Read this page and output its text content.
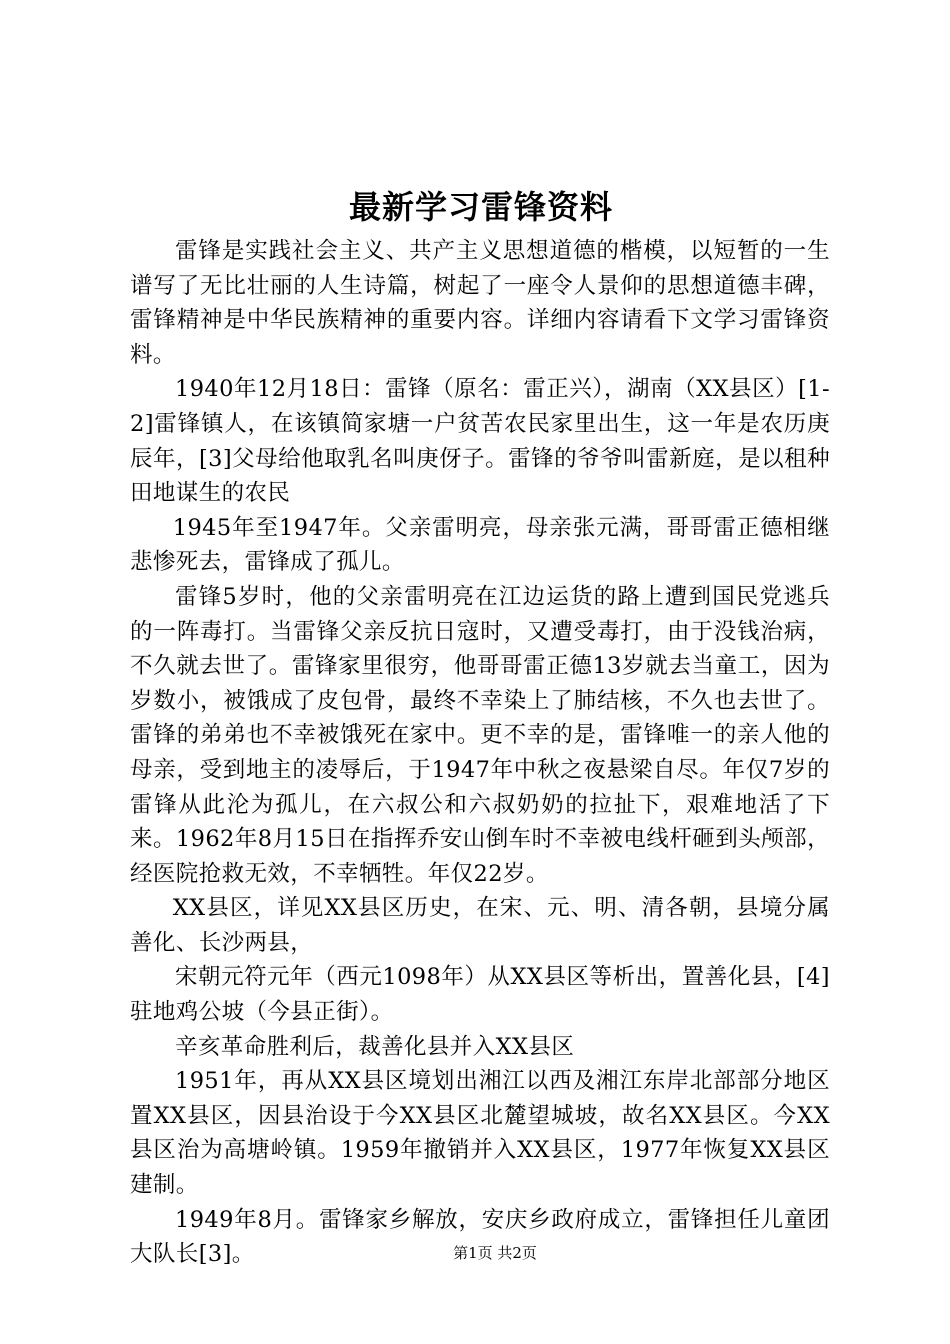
最新学习雷锋资料

雷锋是实践社会主义、共产主义思想道德的楷模，以短暂的一生谱写了无比壮丽的人生诗篇，树起了一座令人景仰的思想道德丰碑，雷锋精神是中华民族精神的重要内容。详细内容请看下文学习雷锋资料。

1940年12月18日：雷锋（原名：雷正兴），湖南（XX县区）[1-2]雷锋镇人，在该镇简家塘一户贫苦农民家里出生，这一年是农历庚辰年，[3]父母给他取乳名叫庚伢子。雷锋的爷爷叫雷新庭，是以租种田地谋生的农民

1945年至1947年。父亲雷明亮，母亲张元满，哥哥雷正德相继悲惨死去，雷锋成了孤儿。

雷锋5岁时，他的父亲雷明亮在江边运货的路上遭到国民党逃兵的一阵毒打。当雷锋父亲反抗日寇时，又遭受毒打，由于没钱治病，不久就去世了。雷锋家里很穷，他哥哥雷正德13岁就去当童工，因为岁数小，被饿成了皮包骨，最终不幸染上了肺结核，不久也去世了。雷锋的弟弟也不幸被饿死在家中。更不幸的是，雷锋唯一的亲人他的母亲，受到地主的凌辱后，于1947年中秋之夜悬梁自尽。年仅7岁的雷锋从此沦为孤儿，在六叔公和六叔奶奶的拉扯下，艰难地活了下来。1962年8月15日在指挥乔安山倒车时不幸被电线杆砸到头颅部，经医院抢救无效，不幸牺牲。年仅22岁。

XX县区，详见XX县区历史，在宋、元、明、清各朝，县境分属善化、长沙两县，

宋朝元符元年（西元1098年）从XX县区等析出，置善化县，[4]驻地鸡公坡（今县正街）。

辛亥革命胜利后，裁善化县并入XX县区

1951年，再从XX县区境划出湘江以西及湘江东岸北部部分地区置XX县区，因县治设于今XX县区北麓望城坡，故名XX县区。今XX县区治为高塘岭镇。1959年撤销并入XX县区，1977年恢复XX县区建制。

1949年8月。雷锋家乡解放，安庆乡政府成立，雷锋担任儿童团大队长[3]。	第1页 共2页
